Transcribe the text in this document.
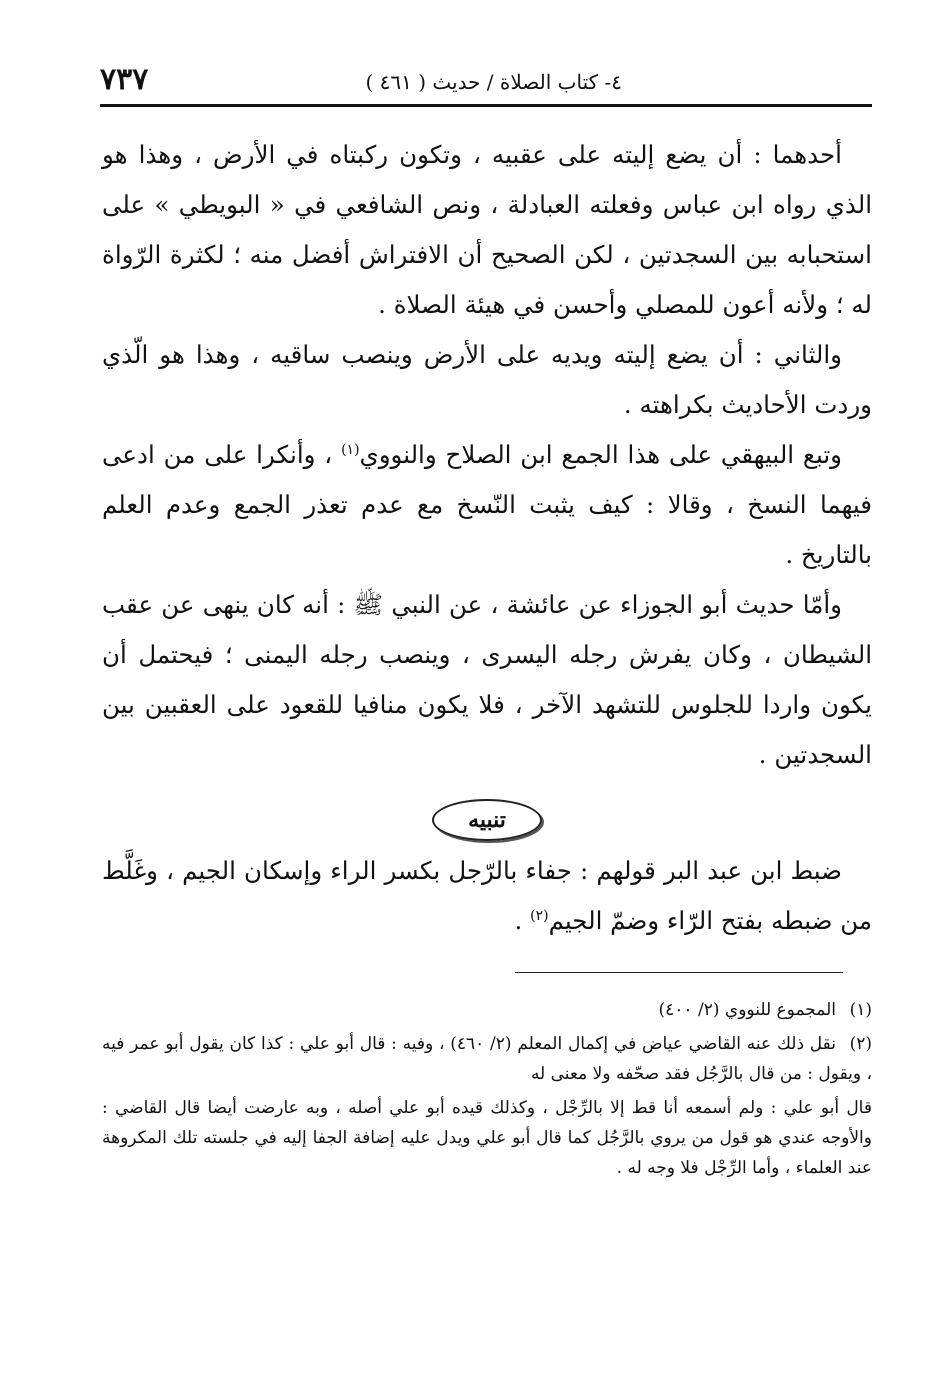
٧٣٧	٤- كتاب الصلاة / حديث ( ٤٦١ )

أحدهما : أن يضع إليته على عقبيه ، وتكون ركبتاه في الأرض ، وهذا هو الذي رواه ابن عباس وفعلته العبادلة ، ونص الشافعي في « البويطي » على استحبابه بين السجدتين ، لكن الصحيح أن الافتراش أفضل منه ؛ لكثرة الرّواة له ؛ ولأنه أعون للمصلي وأحسن في هيئة الصلاة .

والثاني : أن يضع إليته ويديه على الأرض وينصب ساقيه ، وهذا هو الّذي وردت الأحاديث بكراهته .

وتبع البيهقي على هذا الجمع ابن الصلاح والنووي$^{(١)}$ ، وأنكرا على من ادعى فيهما النسخ ، وقالا : كيف يثبت النّسخ مع عدم تعذر الجمع وعدم العلم بالتاريخ .

وأمّا حديث أبو الجوزاء عن عائشة ، عن النبي ﷺ : أنه كان ينهى عن عقب الشيطان ، وكان يفرش رجله اليسرى ، وينصب رجله اليمنى ؛ فيحتمل أن يكون واردا للجلوس للتشهد الآخر ، فلا يكون منافيا للقعود على العقبين بين السجدتين .

تنبيه

ضبط ابن عبد البر قولهم : جفاء بالرّجل بكسر الراء وإسكان الجيم ، وغَلَّط من ضبطه بفتح الرّاء وضمّ الجيم$^{(٢)}$ .

(١)المجموع للنووي (٢/ ٤٠٠)
(٢)نقل ذلك عنه القاضي عياض في إكمال المعلم (٢/ ٤٦٠) ، وفيه : قال أبو علي : كذا كان يقول أبو عمر فيه ، ويقول : من قال بالرَّجُل فقد صحّفه ولا معنى له

قال أبو علي : ولم أسمعه أنا قط إلا بالرِّجْل ، وكذلك قيده أبو علي أصله ، وبه عارضت أيضا قال القاضي : والأوجه عندي هو قول من يروي بالرَّجُل كما قال أبو علي ويدل عليه إضافة الجفا إليه في جلسته تلك المكروهة عند العلماء ، وأما الرِّجْل فلا وجه له .
